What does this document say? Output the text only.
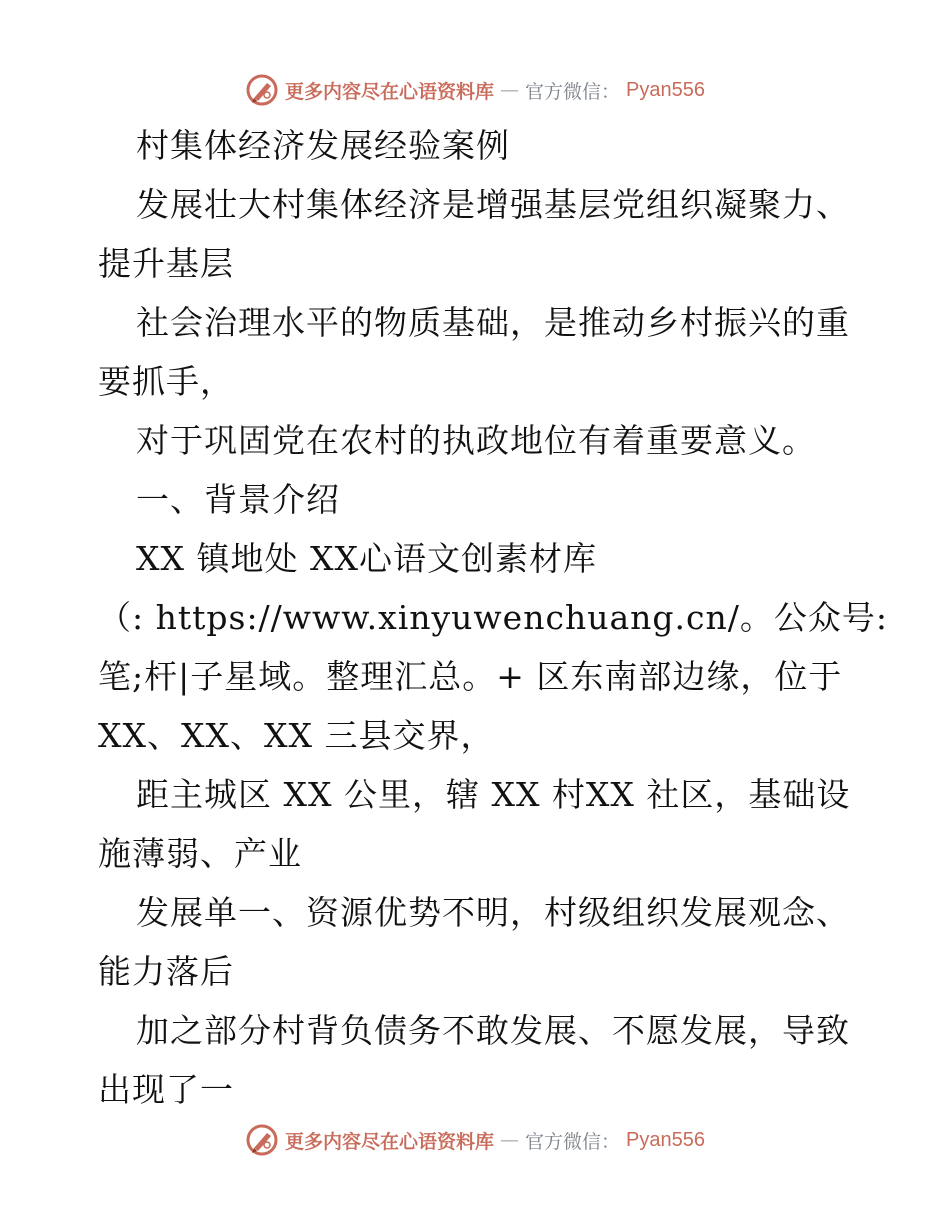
更多内容尽在心语资料库 — 官方微信： Pyan556
村集体经济发展经验案例
发展壮大村集体经济是增强基层党组织凝聚力、
提升基层
社会治理水平的物质基础，是推动乡村振兴的重
要抓手，
对于巩固党在农村的执政地位有着重要意义。
一、背景介绍
XX 镇地处 XX心语文创素材库
（: https://www.xinyuwenchuang.cn/。公众号:
笔;杆|子星域。整理汇总。+ 区东南部边缘，位于
XX、XX、XX 三县交界，
距主城区 XX 公里，辖 XX 村XX 社区，基础设
施薄弱、产业
发展单一、资源优势不明，村级组织发展观念、
能力落后
加之部分村背负债务不敢发展、不愿发展，导致
出现了一
更多内容尽在心语资料库 — 官方微信： Pyan556
